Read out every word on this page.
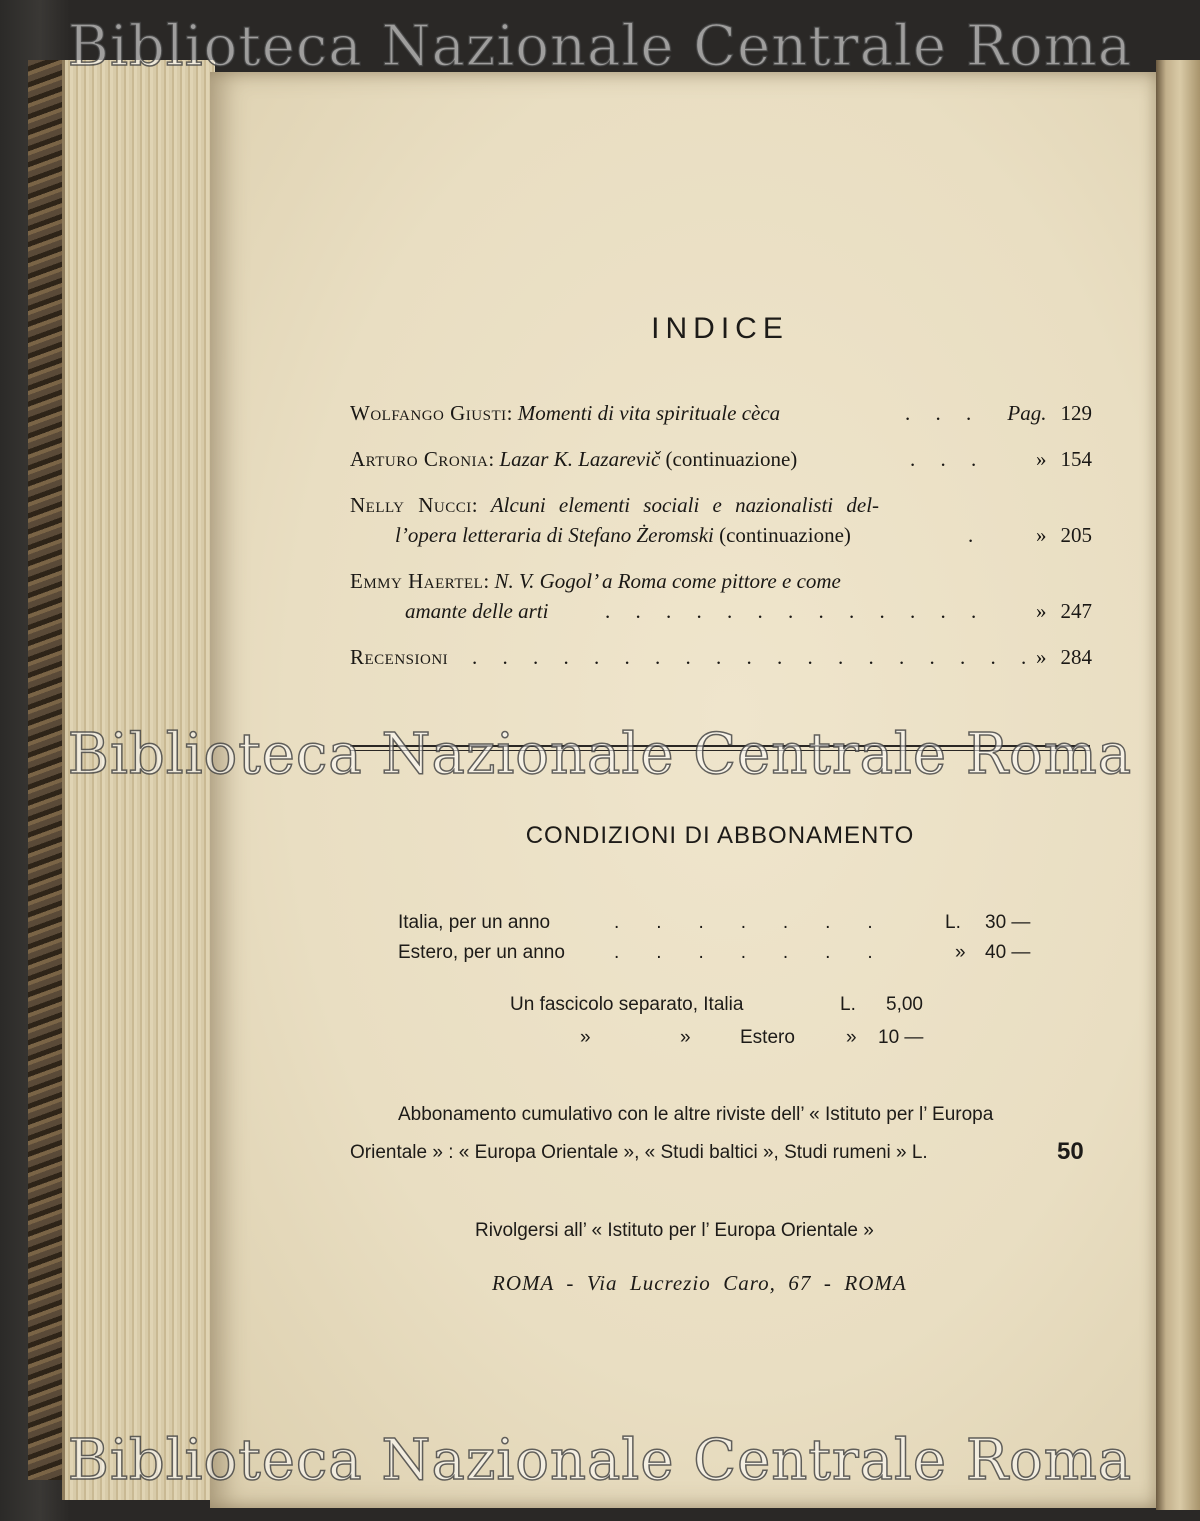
INDICE
Wolfango Giusti: Momenti di vita spirituale cèca	. . . Pag. 129
Arturo Cronia: Lazar K. Lazarevič (continuazione)	. . .	» 154
Nelly Nucci: Alcuni elementi sociali e nazionalisti del-
l’opera letteraria di Stefano Żeromski (continuazione)	.	» 205
Emmy Haertel: N. V. Gogol’ a Roma come pittore e come
amante delle arti	. . . . . . . . . . . . .	» 247
Recensioni . . . . . . . . . . . . . . . . . . . » 284
CONDIZIONI DI ABBONAMENTO
Italia, per un anno	.       .       .       .       .       .       .	L. 30 —
Estero, per un anno	.       .       .       .       .       .       .	» 40 —
Un fascicolo separato, Italia	L. 5,00
»	»	Estero	» 10 —
Abbonamento cumulativo con le altre riviste dell’ « Istituto per l’ Europa
Orientale » : « Europa Orientale », « Studi baltici », Studi rumeni » L.	50
Rivolgersi all’ « Istituto per l’ Europa Orientale »
ROMA  -  Via  Lucrezio  Caro,  67  -  ROMA
Biblioteca Nazionale Centrale Roma
Biblioteca Nazionale Centrale Roma
Biblioteca Nazionale Centrale Roma
